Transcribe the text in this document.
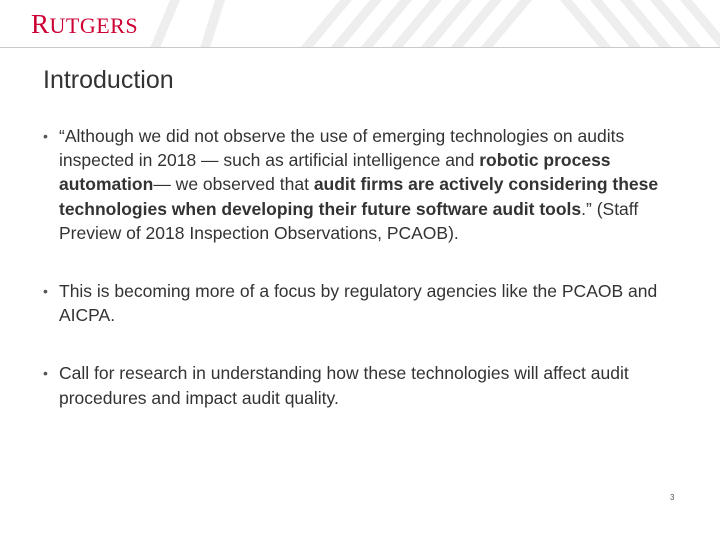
RUTGERS
Introduction
• “Although we did not observe the use of emerging technologies on audits inspected in 2018 — such as artificial intelligence and robotic process automation— we observed that audit firms are actively considering these technologies when developing their future software audit tools.” (Staff Preview of 2018 Inspection Observations, PCAOB).
• This is becoming more of a focus by regulatory agencies like the PCAOB and AICPA.
• Call for research in understanding how these technologies will affect audit procedures and impact audit quality.
3
